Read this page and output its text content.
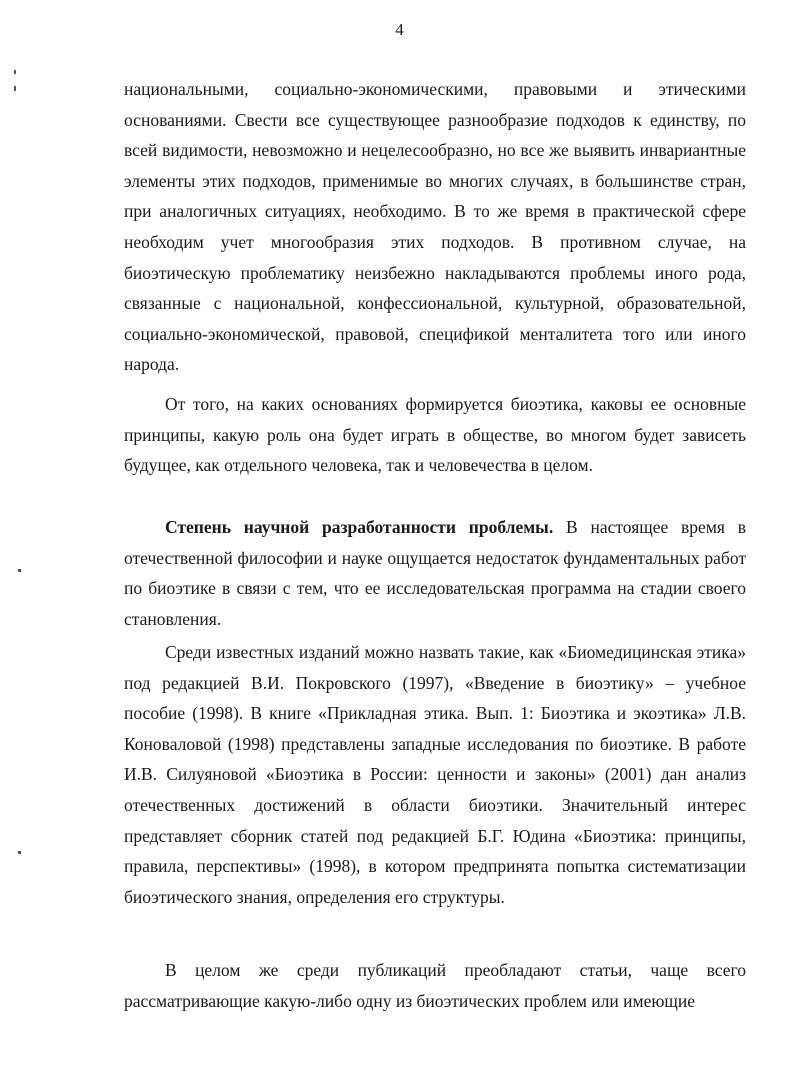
4

национальными, социально-экономическими, правовыми и этическими основаниями. Свести все существующее разнообразие подходов к единству, по всей видимости, невозможно и нецелесообразно, но все же выявить инвариантные элементы этих подходов, применимые во многих случаях, в большинстве стран, при аналогичных ситуациях, необходимо. В то же время в практической сфере необходим учет многообразия этих подходов. В противном случае, на биоэтическую проблематику неизбежно накладываются проблемы иного рода, связанные с национальной, конфессиональной, культурной, образовательной, социально-экономической, правовой, спецификой менталитета того или иного народа.

От того, на каких основаниях формируется биоэтика, каковы ее основные принципы, какую роль она будет играть в обществе, во многом будет зависеть будущее, как отдельного человека, так и человечества в целом.

Степень научной разработанности проблемы. В настоящее время в отечественной философии и науке ощущается недостаток фундаментальных работ по биоэтике в связи с тем, что ее исследовательская программа на стадии своего становления.

Среди известных изданий можно назвать такие, как «Биомедицинская этика» под редакцией В.И. Покровского (1997), «Введение в биоэтику» – учебное пособие (1998). В книге «Прикладная этика. Вып. 1: Биоэтика и экоэтика» Л.В. Коноваловой (1998) представлены западные исследования по биоэтике. В работе И.В. Силуяновой «Биоэтика в России: ценности и законы» (2001) дан анализ отечественных достижений в области биоэтики. Значительный интерес представляет сборник статей под редакцией Б.Г. Юдина «Биоэтика: принципы, правила, перспективы» (1998), в котором предпринята попытка систематизации биоэтического знания, определения его структуры.

В целом же среди публикаций преобладают статьи, чаще всего рассматривающие какую-либо одну из биоэтических проблем или имеющие
